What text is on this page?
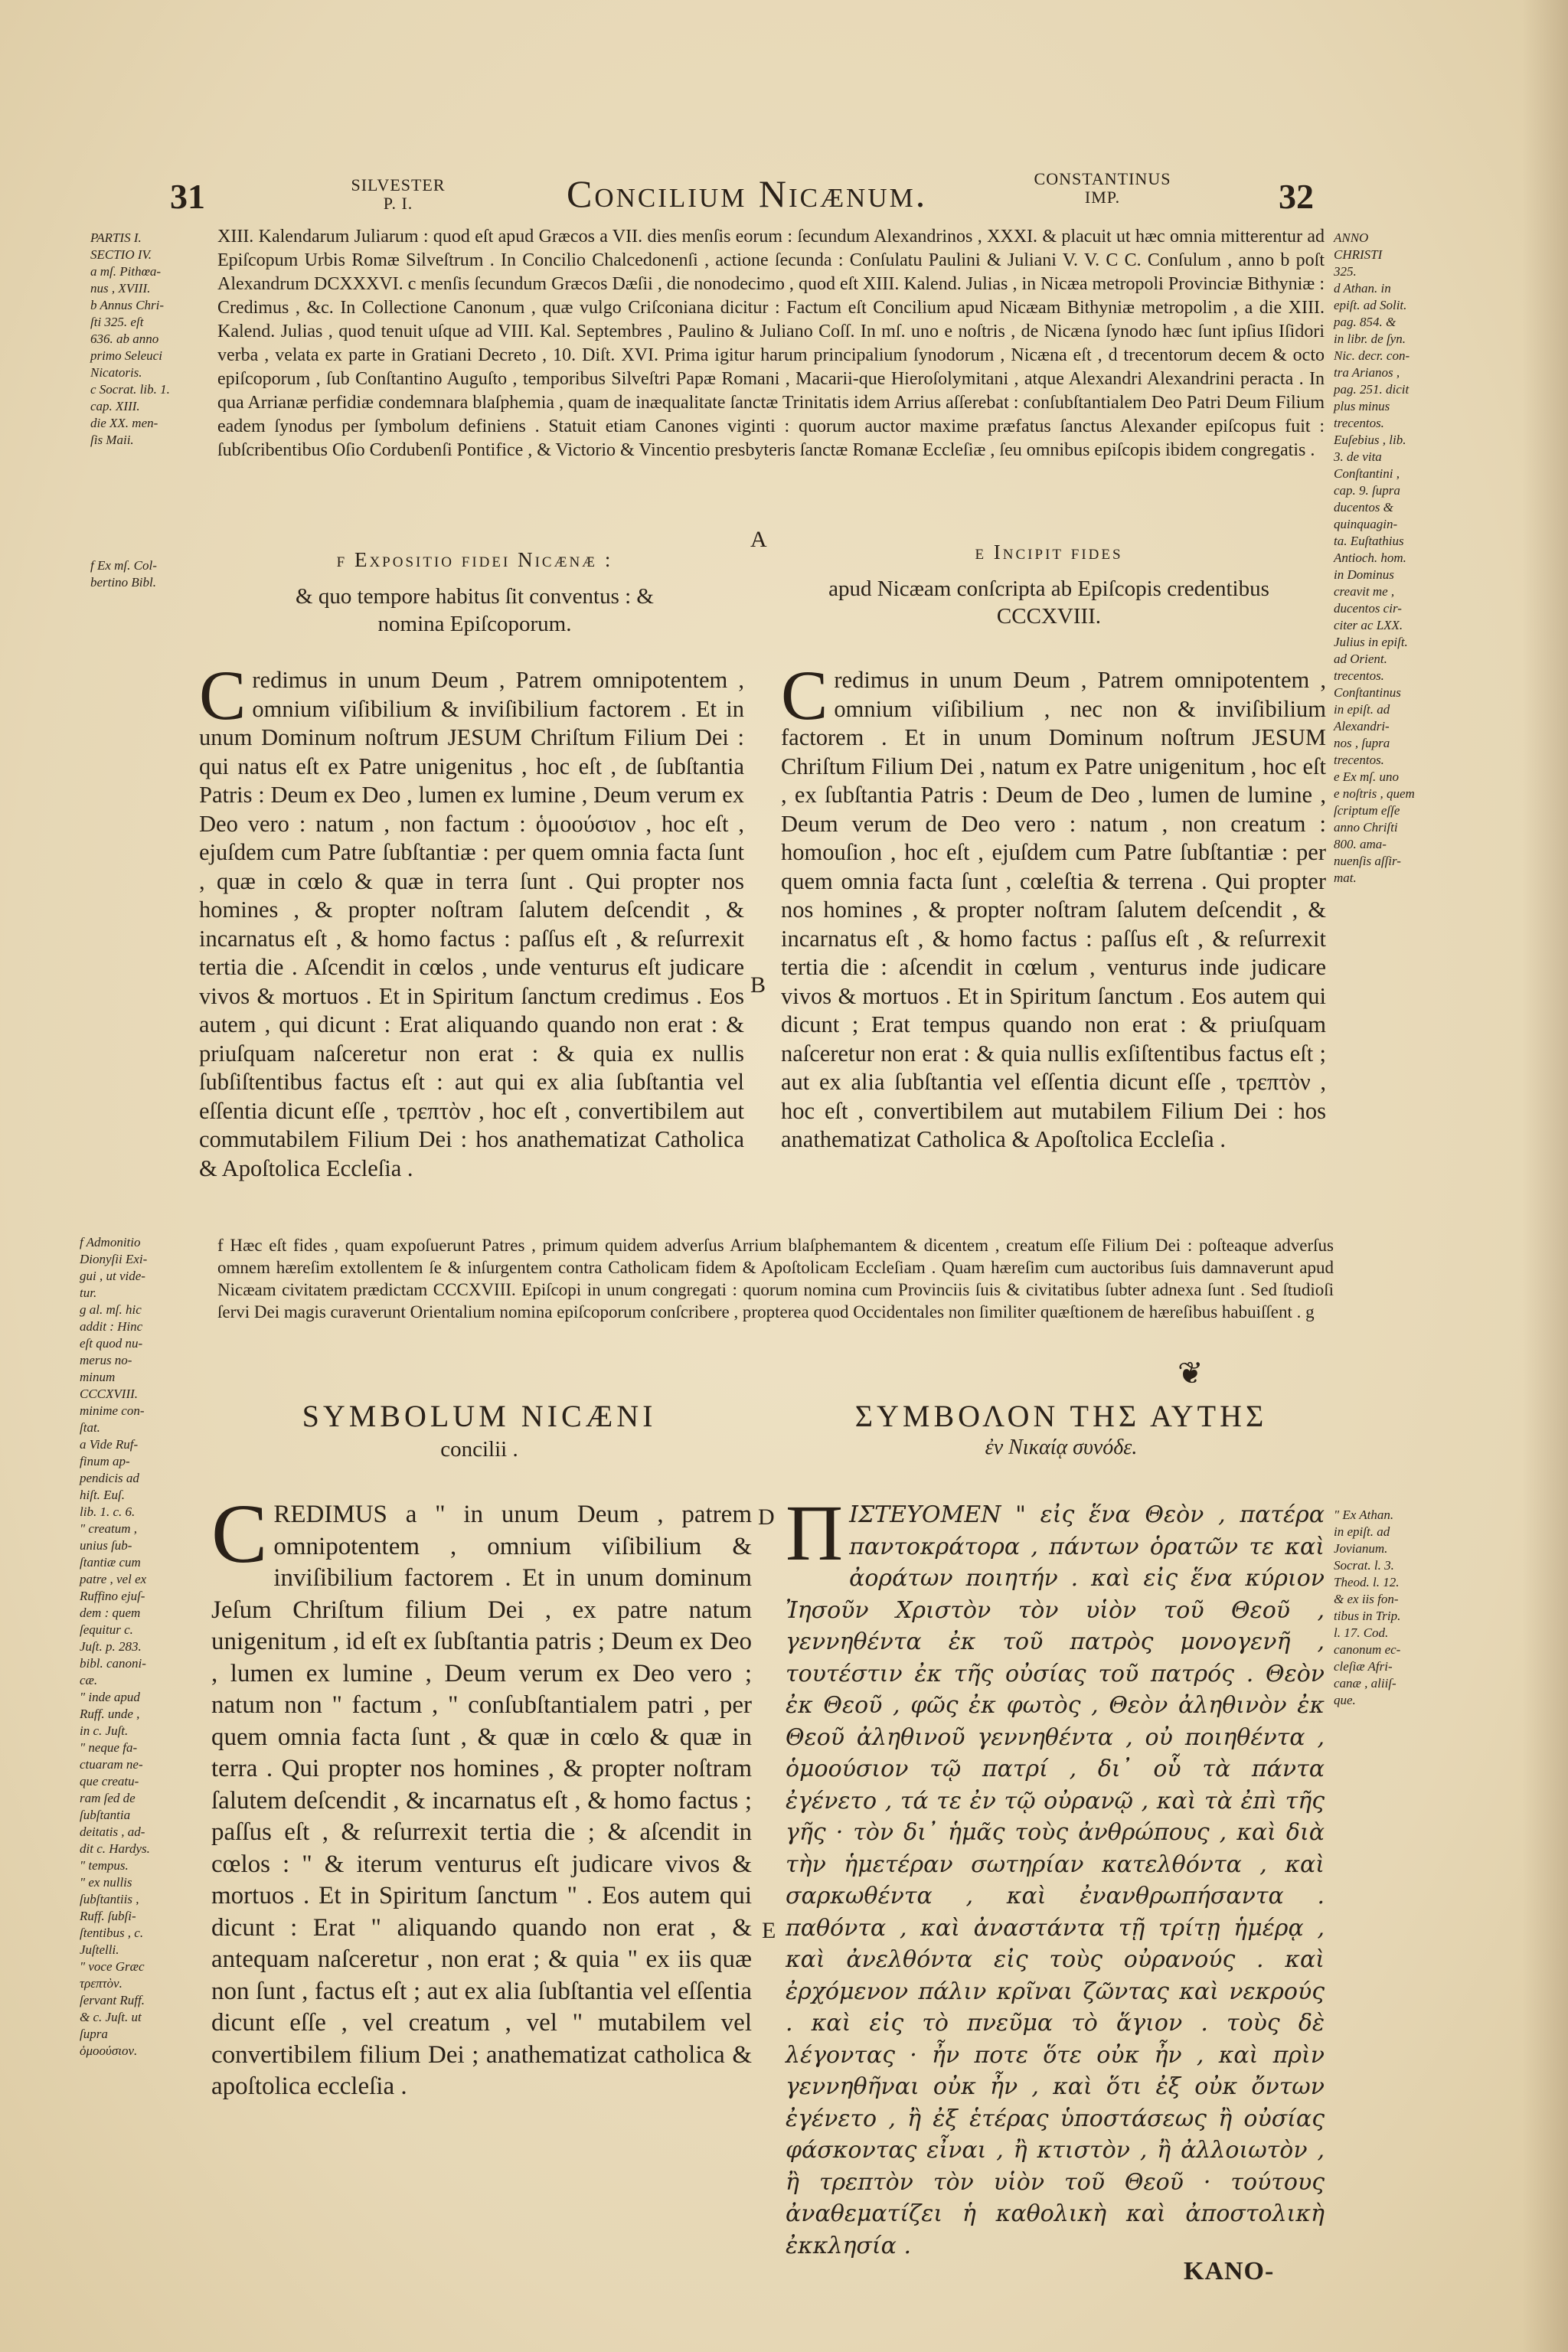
31	SILVESTER
P. I.	Concilium Nicænum.	CONSTANTINUS
IMP.	32
PARTIS I.
SECTIO IV.
a mſ. Pithœa-
nus , XVIII.
b Annus Chri-
ſti 325. eſt
636. ab anno
primo Seleuci
Nicatoris.
c Socrat. lib. 1.
cap. XIII.
die XX. men-
ſis Maii.
f Ex mſ. Col-
bertino Bibl.
f Admonitio
Dionyſii Exi-
gui , ut vide-
tur.
g al. mſ. hic
addit : Hinc
eſt quod nu-
merus no-
minum
CCCXVIII.
minime con-
ſtat.
a Vide Ruf-
finum ap-
pendicis ad
hiſt. Euſ.
lib. 1. c. 6.
" creatum ,
unius ſub-
ſtantiæ cum
patre , vel ex
Ruffino ejuſ-
dem : quem
ſequitur c.
Juſt. p. 283.
bibl. canoni-
cæ.
" inde apud
Ruff. unde ,
in c. Juſt.
" neque fa-
ctuaram ne-
que creatu-
ram ſed de
ſubſtantia
deitatis , ad-
dit c. Hardys.
" tempus.
" ex nullis
ſubſtantiis ,
Ruff. ſubſi-
ſtentibus , c.
Juſtelli.
" voce Græc
τρεπτὸν.
ſervant Ruff.
& c. Juſt. ut
ſupra
ὁμοούσιον.
ANNO
CHRISTI
325.
d Athan. in
epiſt. ad Solit.
pag. 854. &
in libr. de ſyn.
Nic. decr. con-
tra Arianos ,
pag. 251. dicit
plus minus
trecentos.
Euſebius , lib.
3. de vita
Conſtantini ,
cap. 9. ſupra
ducentos &
quinquagin-
ta. Euſtathius
Antioch. hom.
in Dominus
creavit me ,
ducentos cir-
citer ac LXX.
Julius in epiſt.
ad Orient.
trecentos.
Conſtantinus
in epiſt. ad
Alexandri-
nos , ſupra
trecentos.
e Ex mſ. uno
e noſtris , quem
ſcriptum eſſe
anno Chriſti
800. ama-
nuenſis aſſir-
mat.
" Ex Athan.
in epiſt. ad
Jovianum.
Socrat. l. 3.
Theod. l. 12.
& ex iis fon-
tibus in Trip.
l. 17. Cod.
canonum ec-
cleſiæ Afri-
canæ , aliiſ-
que.
XIII. Kalendarum Juliarum : quod eſt apud Græcos a VII. dies menſis eorum : ſecundum Alexandrinos , XXXI. & placuit ut hæc omnia mitterentur ad Epiſcopum Urbis Romæ Silveſtrum . In Concilio Chalcedonenſi , actione ſecunda : Conſulatu Paulini & Juliani V. V. C C. Conſulum , anno b poſt Alexandrum DCXXXVI. c menſis ſecundum Græcos Dæſii , die nonodecimo , quod eſt XIII. Kalend. Julias , in Nicæa metropoli Provinciæ Bithyniæ : Credimus , &c. In Collectione Canonum , quæ vulgo Criſconiana dicitur : Factum eſt Concilium apud Nicæam Bithyniæ metropolim , a die XIII. Kalend. Julias , quod tenuit uſque ad VIII. Kal. Septembres , Paulino & Juliano Coſſ. In mſ. uno e noſtris , de Nicæna ſynodo hæc ſunt ipſius Iſidori verba , velata ex parte in Gratiani Decreto , 10. Diſt. XVI. Prima igitur harum principalium ſynodorum , Nicæna eſt , d trecentorum decem & octo epiſcoporum , ſub Conſtantino Auguſto , temporibus Silveſtri Papæ Romani , Macarii-que Hieroſolymitani , atque Alexandri Alexandrini peracta . In qua Arrianæ perfidiæ condemnara blaſphemia , quam de inæqualitate ſanctæ Trinitatis idem Arrius aſſerebat : conſubſtantialem Deo Patri Deum Filium eadem ſynodus per ſymbolum definiens . Statuit etiam Canones viginti : quorum auctor maxime præfatus ſanctus Alexander epiſcopus fuit : ſubſcribentibus Oſio Cordubenſi Pontifice , & Victorio & Vincentio presbyteris ſanctæ Romanæ Eccleſiæ , ſeu omnibus epiſcopis ibidem congregatis .
A
B
D
E
f Expositio fidei Nicænæ :
& quo tempore habitus ſit conventus : & nomina Epiſcoporum.
Credimus in unum Deum , Patrem omnipotentem , omnium viſibilium & inviſibilium factorem . Et in unum Dominum noſtrum JESUM Chriſtum Filium Dei : qui natus eſt ex Patre unigenitus , hoc eſt , de ſubſtantia Patris : Deum ex Deo , lumen ex lumine , Deum verum ex Deo vero : natum , non factum : ὁμοούσιον , hoc eſt , ejuſdem cum Patre ſubſtantiæ : per quem omnia facta ſunt , quæ in cœlo & quæ in terra ſunt . Qui propter nos homines , & propter noſtram ſalutem deſcendit , & incarnatus eſt , & homo factus : paſſus eſt , & reſurrexit tertia die . Aſcendit in cœlos , unde venturus eſt judicare vivos & mortuos . Et in Spiritum ſanctum credimus . Eos autem , qui dicunt : Erat aliquando quando non erat : & priuſquam naſceretur non erat : & quia ex nullis ſubſiſtentibus factus eſt : aut qui ex alia ſubſtantia vel eſſentia dicunt eſſe , τρεπτὸν , hoc eſt , convertibilem aut commutabilem Filium Dei : hos anathematizat Catholica & Apoſtolica Eccleſia .
e Incipit fides
apud Nicæam conſcripta ab Epiſcopis credentibus CCCXVIII.
Credimus in unum Deum , Patrem omnipotentem , omnium viſibilium , nec non & inviſibilium factorem . Et in unum Dominum noſtrum JESUM Chriſtum Filium Dei , natum ex Patre unigenitum , hoc eſt , ex ſubſtantia Patris : Deum de Deo , lumen de lumine , Deum verum de Deo vero : natum , non creatum : homouſion , hoc eſt , ejuſdem cum Patre ſubſtantiæ : per quem omnia facta ſunt , cœleſtia & terrena . Qui propter nos homines , & propter noſtram ſalutem deſcendit , & incarnatus eſt , & homo factus : paſſus eſt , & reſurrexit tertia die : aſcendit in cœlum , venturus inde judicare vivos & mortuos . Et in Spiritum ſanctum . Eos autem qui dicunt ; Erat tempus quando non erat : & priuſquam naſceretur non erat : & quia nullis exſiſtentibus factus eſt ; aut ex alia ſubſtantia vel eſſentia dicunt eſſe , τρεπτὸν , hoc eſt , convertibilem aut mutabilem Filium Dei : hos anathematizat Catholica & Apoſtolica Eccleſia .
f Hæc eſt fides , quam expoſuerunt Patres , primum quidem adverſus Arrium blaſphemantem & dicentem , creatum eſſe Filium Dei : poſteaque adverſus omnem hæreſim extollentem ſe & inſurgentem contra Catholicam fidem & Apoſtolicam Eccleſiam . Quam hæreſim cum auctoribus ſuis damnaverunt apud Nicæam civitatem prædictam CCCXVIII. Epiſcopi in unum congregati : quorum nomina cum Provinciis ſuis & civitatibus ſubter adnexa ſunt . Sed ſtudioſi ſervi Dei magis curaverunt Orientalium nomina epiſcoporum conſcribere , propterea quod Occidentales non ſimiliter quæſtionem de hæreſibus habuiſſent . g
❦
SYMBOLUM NICÆNI
concilii .
CREDIMUS a " in unum Deum , patrem omnipotentem , omnium viſibilium & inviſibilium factorem . Et in unum dominum Jeſum Chriſtum filium Dei , ex patre natum unigenitum , id eſt ex ſubſtantia patris ; Deum ex Deo , lumen ex lumine , Deum verum ex Deo vero ; natum non " factum , " conſubſtantialem patri , per quem omnia facta ſunt , & quæ in cœlo & quæ in terra . Qui propter nos homines , & propter noſtram ſalutem deſcendit , & incarnatus eſt , & homo factus ; paſſus eſt , & reſurrexit tertia die ; & aſcendit in cœlos : " & iterum venturus eſt judicare vivos & mortuos . Et in Spiritum ſanctum " . Eos autem qui dicunt : Erat " aliquando quando non erat , & antequam naſceretur , non erat ; & quia " ex iis quæ non ſunt , factus eſt ; aut ex alia ſubſtantia vel eſſentia dicunt eſſe , vel creatum , vel " mutabilem vel convertibilem filium Dei ; anathematizat catholica & apoſtolica eccleſia .
ΣΥΜΒΟΛΟΝ ΤΗΣ ΑΥΤΗΣ
ἐν Νικαίᾳ συνόδε.
ΠΙΣΤΕΥΟΜΕΝ " εἰς ἕνα Θεὸν , πατέρα παντοκράτορα , πάντων ὁρατῶν τε καὶ ἀοράτων ποιητήν . καὶ εἰς ἕνα κύριον Ἰησοῦν Χριστὸν τὸν υἱὸν τοῦ Θεοῦ , γεννηθέντα ἐκ τοῦ πατρὸς μονογενῆ , τουτέστιν ἐκ τῆς οὐσίας τοῦ πατρός . Θεὸν ἐκ Θεοῦ , φῶς ἐκ φωτὸς , Θεὸν ἀληθινὸν ἐκ Θεοῦ ἀληθινοῦ γεννηθέντα , οὐ ποιηθέντα , ὁμοούσιον τῷ πατρί , δι᾽ οὗ τὰ πάντα ἐγένετο , τά τε ἐν τῷ οὐρανῷ , καὶ τὰ ἐπὶ τῆς γῆς · τὸν δι᾽ ἡμᾶς τοὺς ἀνθρώπους , καὶ διὰ τὴν ἡμετέραν σωτηρίαν κατελθόντα , καὶ σαρκωθέντα , καὶ ἐνανθρωπήσαντα . παθόντα , καὶ ἀναστάντα τῇ τρίτῃ ἡμέρᾳ , καὶ ἀνελθόντα εἰς τοὺς οὐρανούς . καὶ ἐρχόμενον πάλιν κρῖναι ζῶντας καὶ νεκρούς . καὶ εἰς τὸ πνεῦμα τὸ ἅγιον . τοὺς δὲ λέγοντας · ἦν ποτε ὅτε οὐκ ἦν , καὶ πρὶν γεννηθῆναι οὐκ ἦν , καὶ ὅτι ἐξ οὐκ ὄντων ἐγένετο , ἢ ἐξ ἑτέρας ὑποστάσεως ἢ οὐσίας φάσκοντας εἶναι , ἢ κτιστὸν , ἢ ἀλλοιωτὸν , ἢ τρεπτὸν τὸν υἱὸν τοῦ Θεοῦ · τούτους ἀναθεματίζει ἡ καθολικὴ καὶ ἀποστολικὴ ἐκκλησία .
KANO-
